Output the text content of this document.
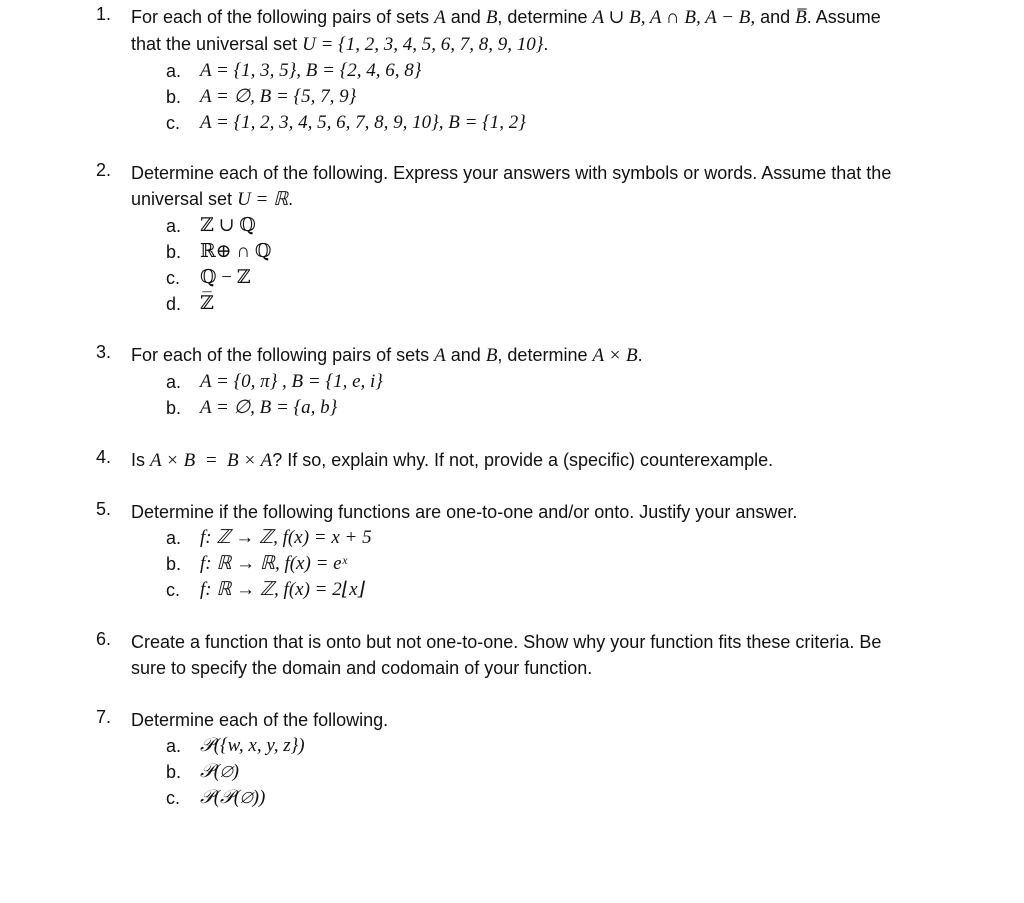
1. For each of the following pairs of sets A and B, determine A ∪ B, A ∩ B, A − B, and B̅. Assume
that the universal set U = {1, 2, 3, 4, 5, 6, 7, 8, 9, 10}.
a. A = {1, 3, 5}, B = {2, 4, 6, 8}
b. A = ∅, B = {5, 7, 9}
c. A = {1, 2, 3, 4, 5, 6, 7, 8, 9, 10}, B = {1, 2}
2. Determine each of the following. Express your answers with symbols or words. Assume that the
universal set U = ℝ.
a. ℤ ∪ ℚ
b. ℝ⊕ ∩ ℚ
c. ℚ − ℤ
d. ℤ̅
3. For each of the following pairs of sets A and B, determine A × B.
a. A = {0, π} , B = {1, e, i}
b. A = ∅, B = {a, b}
4. Is A × B  =  B × A? If so, explain why. If not, provide a (specific) counterexample.
5. Determine if the following functions are one-to-one and/or onto. Justify your answer.
a. f: ℤ → ℤ, f(x) = x + 5
b. f: ℝ → ℝ, f(x) = eˣ
c. f: ℝ → ℤ, f(x) = 2⌊x⌋
6. Create a function that is onto but not one-to-one. Show why your function fits these criteria. Be
sure to specify the domain and codomain of your function.
7. Determine each of the following.
a. 𝒫({w, x, y, z})
b. 𝒫(∅)
c. 𝒫(𝒫(∅))
